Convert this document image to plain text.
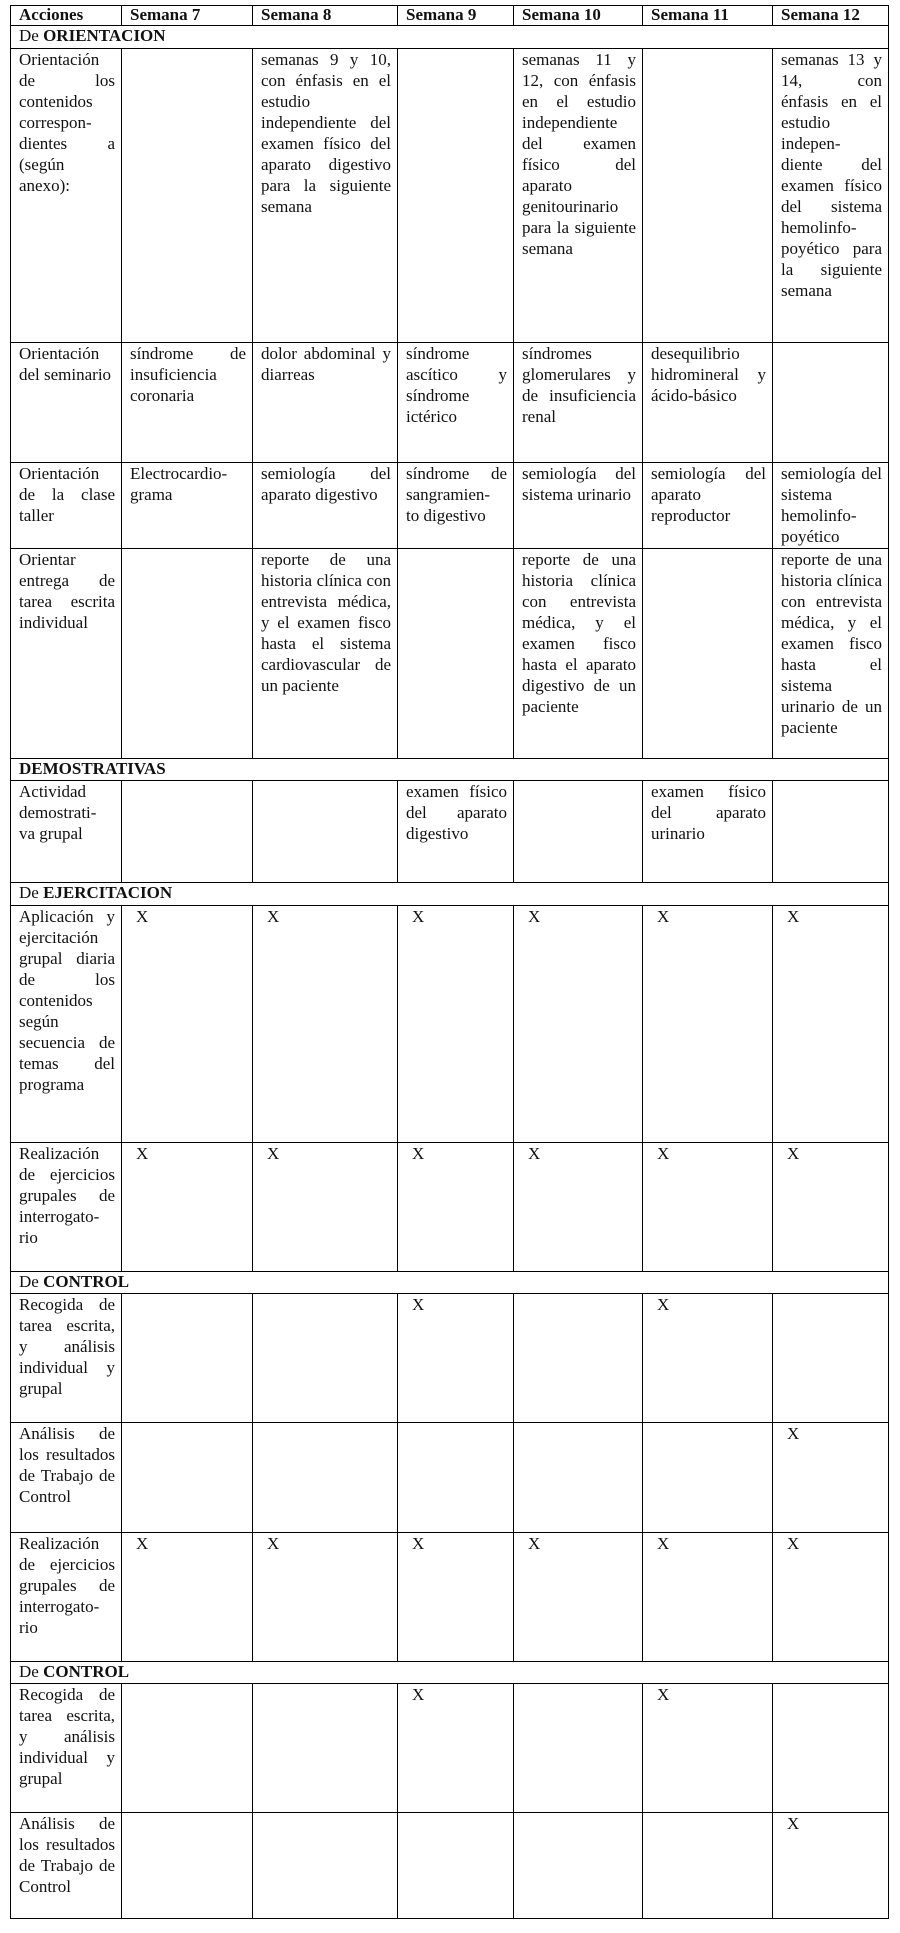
Acciones	Semana 7	Semana 8	Semana 9	Semana 10	Semana 11	Semana 12
De ORIENTACION						
Orientación de los contenidos correspon- dientes a (según anexo):		semanas 9 y 10, con énfasis en el estudio independiente del examen físico del aparato digestivo para la siguiente semana		semanas 11 y 12, con énfasis en el estudio independiente del examen físico del aparato genitourinario para la siguiente semana		semanas 13 y 14, con énfasis en el estudio indepen- diente del examen físico del sistema hemolinfo- poyético para la siguiente semana
Orientación del seminario	síndrome de insuficiencia coronaria	dolor abdominal y diarreas	síndrome ascítico y síndrome ictérico	síndromes glomerulares y de insuficiencia renal	desequilibrio hidromineral y ácido-básico	
Orientación de la clase taller	Electrocardio- grama	semiología del aparato digestivo	síndrome de sangramien- to digestivo	semiología del sistema urinario	semiología del aparato reproductor	semiología del sistema hemolinfo- poyético
Orientar entrega de tarea escrita individual		reporte de una historia clínica con entrevista médica, y el examen fisco hasta el sistema cardiovascular de un paciente		reporte de una historia clínica con entrevista médica, y el examen fisco hasta el aparato digestivo de un paciente		reporte de una historia clínica con entrevista médica, y el examen fisco hasta el sistema urinario de un paciente
DEMOSTRATIVAS						
Actividad demostrati- va grupal			examen físico del aparato digestivo		examen físico del aparato urinario	
De EJERCITACION						
Aplicación y ejercitación grupal diaria de los contenidos según secuencia de temas del programa	X	X	X	X	X	X
Realización de ejercicios grupales de interrogato- rio	X	X	X	X	X	X
De CONTROL						
Recogida de tarea escrita, y análisis individual y grupal			X		X	
Análisis de los resultados de Trabajo de Control						X
Realización de ejercicios grupales de interrogato- rio	X	X	X	X	X	X
De CONTROL						
Recogida de tarea escrita, y análisis individual y grupal			X		X	
Análisis de los resultados de Trabajo de Control						X
